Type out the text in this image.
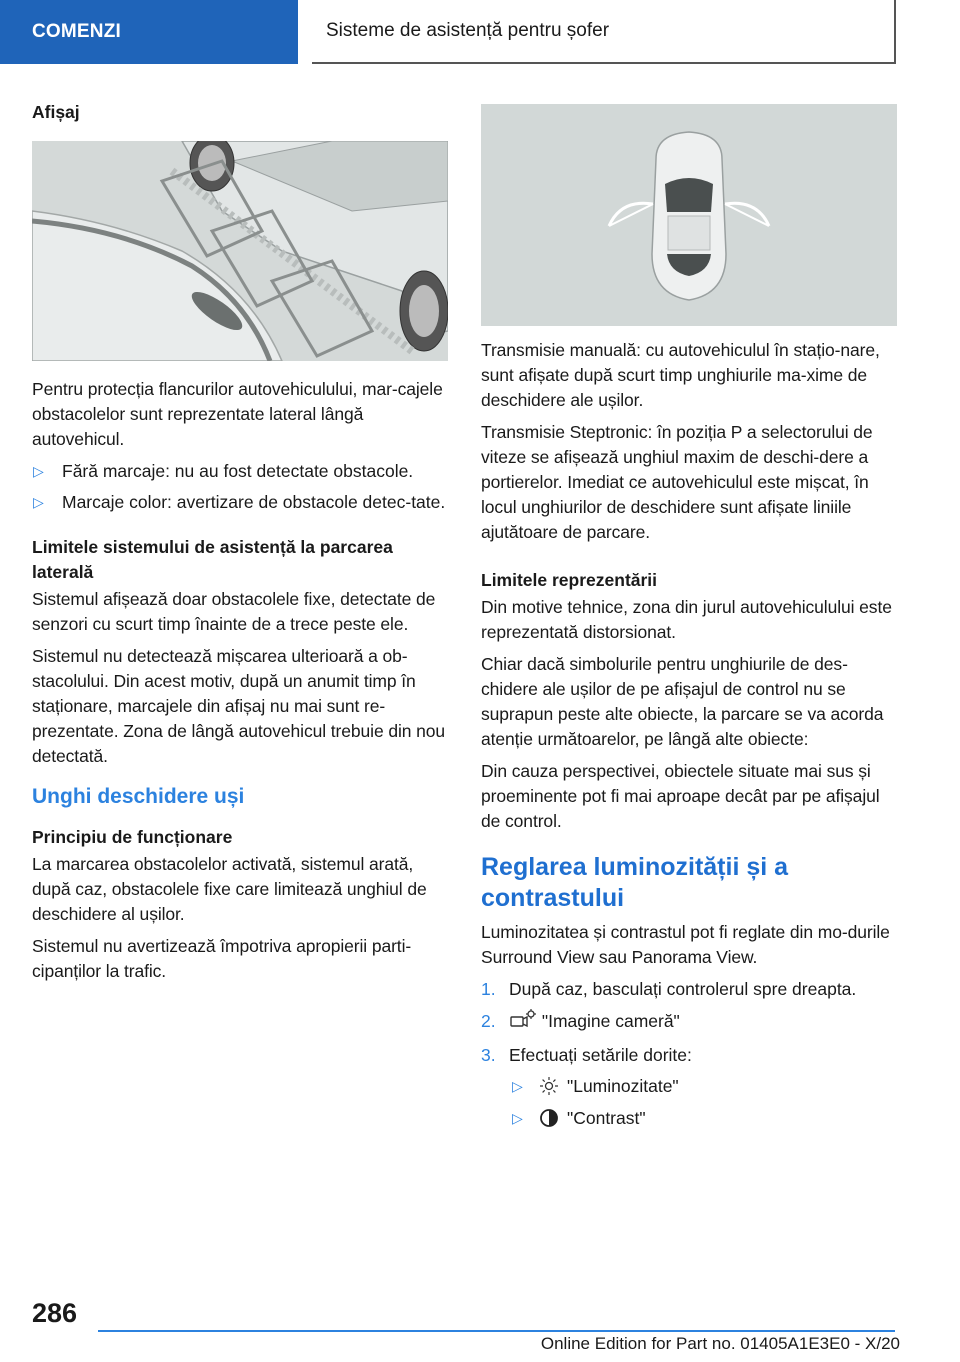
COMENZI	Sisteme de asistență pentru șofer
Afișaj

Pentru protecția flancurilor autovehiculului, mar-cajele obstacolelor sunt reprezentate lateral lângă autovehicul.

▷ Fără marcaje: nu au fost detectate obstacole.
▷ Marcaje color: avertizare de obstacole detec-tate.
Limitele sistemului de asistență la parcarea laterală

Sistemul afișează doar obstacolele fixe, detectate de senzori cu scurt timp înainte de a trece peste ele.

Sistemul nu detectează mișcarea ulterioară a ob-stacolului. Din acest motiv, după un anumit timp în staționare, marcajele din afișaj nu mai sunt re-prezentate. Zona de lângă autovehicul trebuie din nou detectată.

Unghi deschidere uși
Principiu de funcționare

La marcarea obstacolelor activată, sistemul arată, după caz, obstacolele fixe care limitează unghiul de deschidere al ușilor.

Sistemul nu avertizează împotriva apropierii parti-cipanților la trafic.

Transmisie manuală: cu autovehiculul în stațio-nare, sunt afișate după scurt timp unghiurile ma-xime de deschidere ale ușilor.

Transmisie Steptronic: în poziția P a selectorului de viteze se afișează unghiul maxim de deschi-dere a portierelor. Imediat ce autovehiculul este mișcat, în locul unghiurilor de deschidere sunt afișate liniile ajutătoare de parcare.

Limitele reprezentării

Din motive tehnice, zona din jurul autovehiculului este reprezentată distorsionat.

Chiar dacă simbolurile pentru unghiurile de des-chidere ale ușilor de pe afișajul de control nu se suprapun peste alte obiecte, la parcare se va acorda atenție următoarelor, pe lângă alte obiecte:

Din cauza perspectivei, obiectele situate mai sus și proeminente pot fi mai aproape decât par pe afișajul de control.

Reglarea luminozității și a contrastului

Luminozitatea și contrastul pot fi reglate din mo-durile Surround View sau Panorama View.

1. După caz, basculați controlerul spre dreapta.
2.	"Imagine cameră"
3. Efectuați setările dorite:
▷	"Luminozitate"
▷	"Contrast"
286
Online Edition for Part no. 01405A1E3E0 - X/20
